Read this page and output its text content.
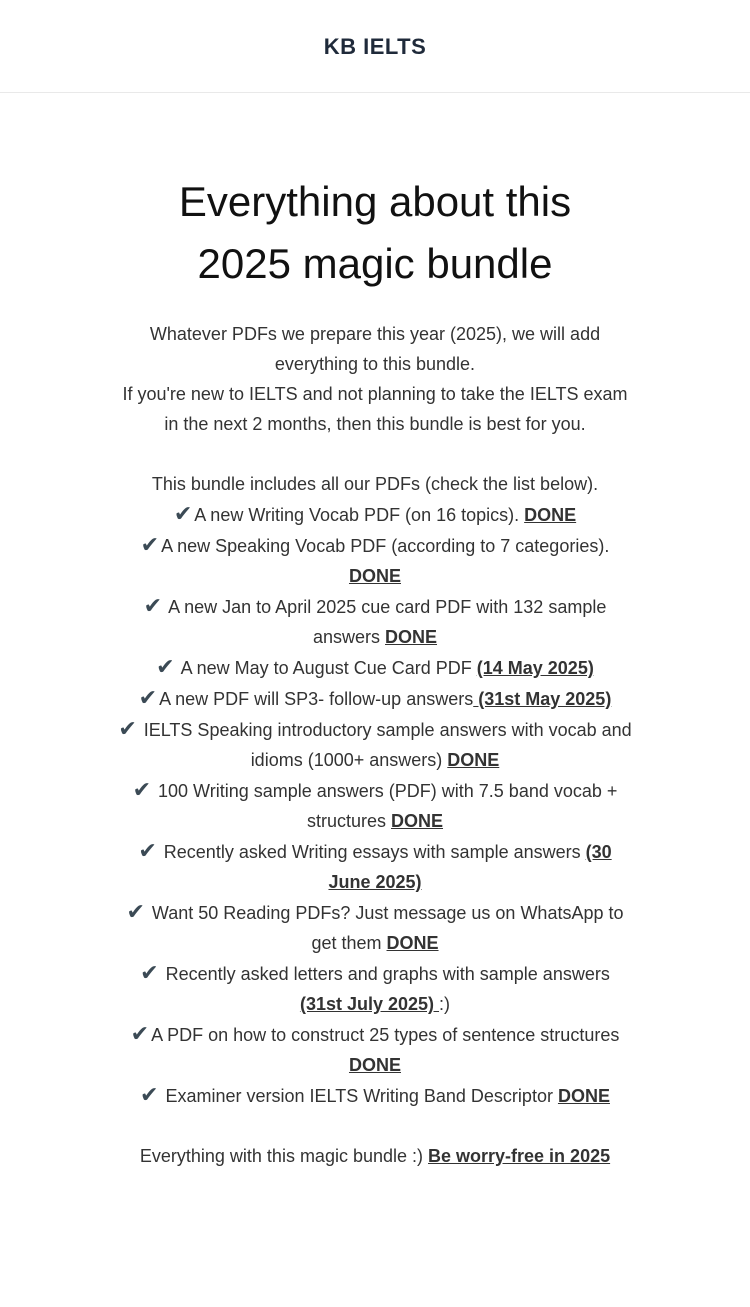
KB IELTS
Everything about this
2025 magic bundle

Whatever PDFs we prepare this year (2025), we will add everything to this bundle.
If you're new to IELTS and not planning to take the IELTS exam in the next 2 months, then this bundle is best for you.

This bundle includes all our PDFs (check the list below).

✔ A new Writing Vocab PDF (on 16 topics). DONE

✔ A new Speaking Vocab PDF (according to 7 categories). DONE

✔ A new Jan to April 2025 cue card PDF with 132 sample answers DONE

✔ A new May to August Cue Card PDF (14 May 2025)

✔ A new PDF will SP3- follow-up answers (31st May 2025)

✔ IELTS Speaking introductory sample answers with vocab and idioms (1000+ answers) DONE

✔ 100 Writing sample answers (PDF) with 7.5 band vocab + structures DONE

✔ Recently asked Writing essays with sample answers (30 June 2025)

✔ Want 50 Reading PDFs? Just message us on WhatsApp to get them DONE

✔ Recently asked letters and graphs with sample answers (31st July 2025) :)

✔ A PDF on how to construct 25 types of sentence structures DONE

✔ Examiner version IELTS Writing Band Descriptor DONE

Everything with this magic bundle :) Be worry-free in 2025
